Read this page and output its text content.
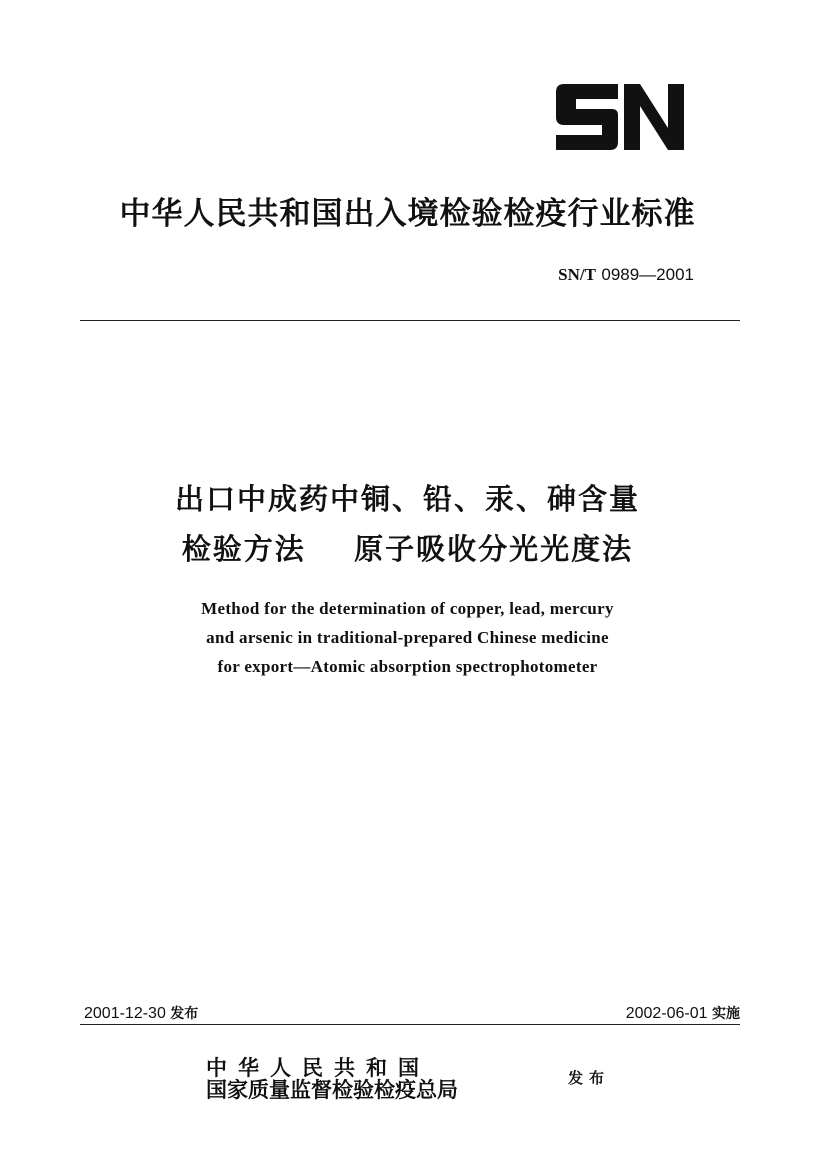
中华人民共和国出入境检验检疫行业标准
SN/T 0989—2001
出口中成药中铜、铅、汞、砷含量
检验方法    原子吸收分光光度法
Method for the determination of copper, lead, mercury
and arsenic in traditional-prepared Chinese medicine
for export—Atomic absorption spectrophotometer
2001-12-30 发布	2002-06-01 实施
中华人民共和国
国家质量监督检验检疫总局	发布
